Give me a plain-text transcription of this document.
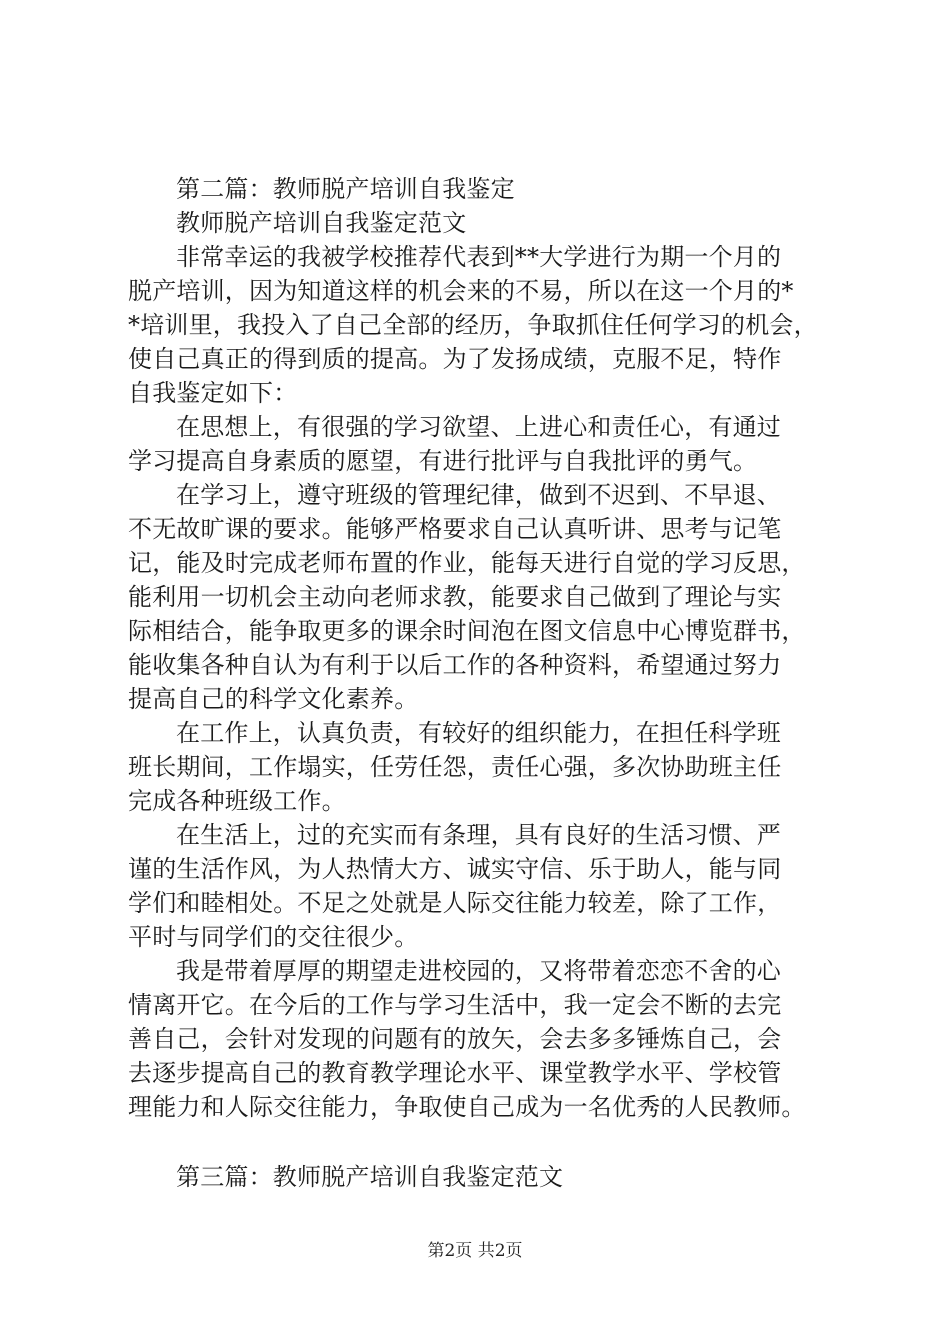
第二篇：教师脱产培训自我鉴定
教师脱产培训自我鉴定范文
非常幸运的我被学校推荐代表到**大学进行为期一个月的
脱产培训，因为知道这样的机会来的不易，所以在这一个月的*
*培训里，我投入了自己全部的经历，争取抓住任何学习的机会，
使自己真正的得到质的提高。为了发扬成绩，克服不足，特作
自我鉴定如下：
在思想上，有很强的学习欲望、上进心和责任心，有通过
学习提高自身素质的愿望，有进行批评与自我批评的勇气。
在学习上，遵守班级的管理纪律，做到不迟到、不早退、
不无故旷课的要求。能够严格要求自己认真听讲、思考与记笔
记，能及时完成老师布置的作业，能每天进行自觉的学习反思，
能利用一切机会主动向老师求教，能要求自己做到了理论与实
际相结合，能争取更多的课余时间泡在图文信息中心博览群书，
能收集各种自认为有利于以后工作的各种资料，希望通过努力
提高自己的科学文化素养。
在工作上，认真负责，有较好的组织能力，在担任科学班
班长期间，工作塌实，任劳任怨，责任心强，多次协助班主任
完成各种班级工作。
在生活上，过的充实而有条理，具有良好的生活习惯、严
谨的生活作风，为人热情大方、诚实守信、乐于助人，能与同
学们和睦相处。不足之处就是人际交往能力较差，除了工作，
平时与同学们的交往很少。
我是带着厚厚的期望走进校园的，又将带着恋恋不舍的心
情离开它。在今后的工作与学习生活中，我一定会不断的去完
善自己，会针对发现的问题有的放矢，会去多多锤炼自己，会
去逐步提高自己的教育教学理论水平、课堂教学水平、学校管
理能力和人际交往能力，争取使自己成为一名优秀的人民教师。
第三篇：教师脱产培训自我鉴定范文
第2页 共2页
